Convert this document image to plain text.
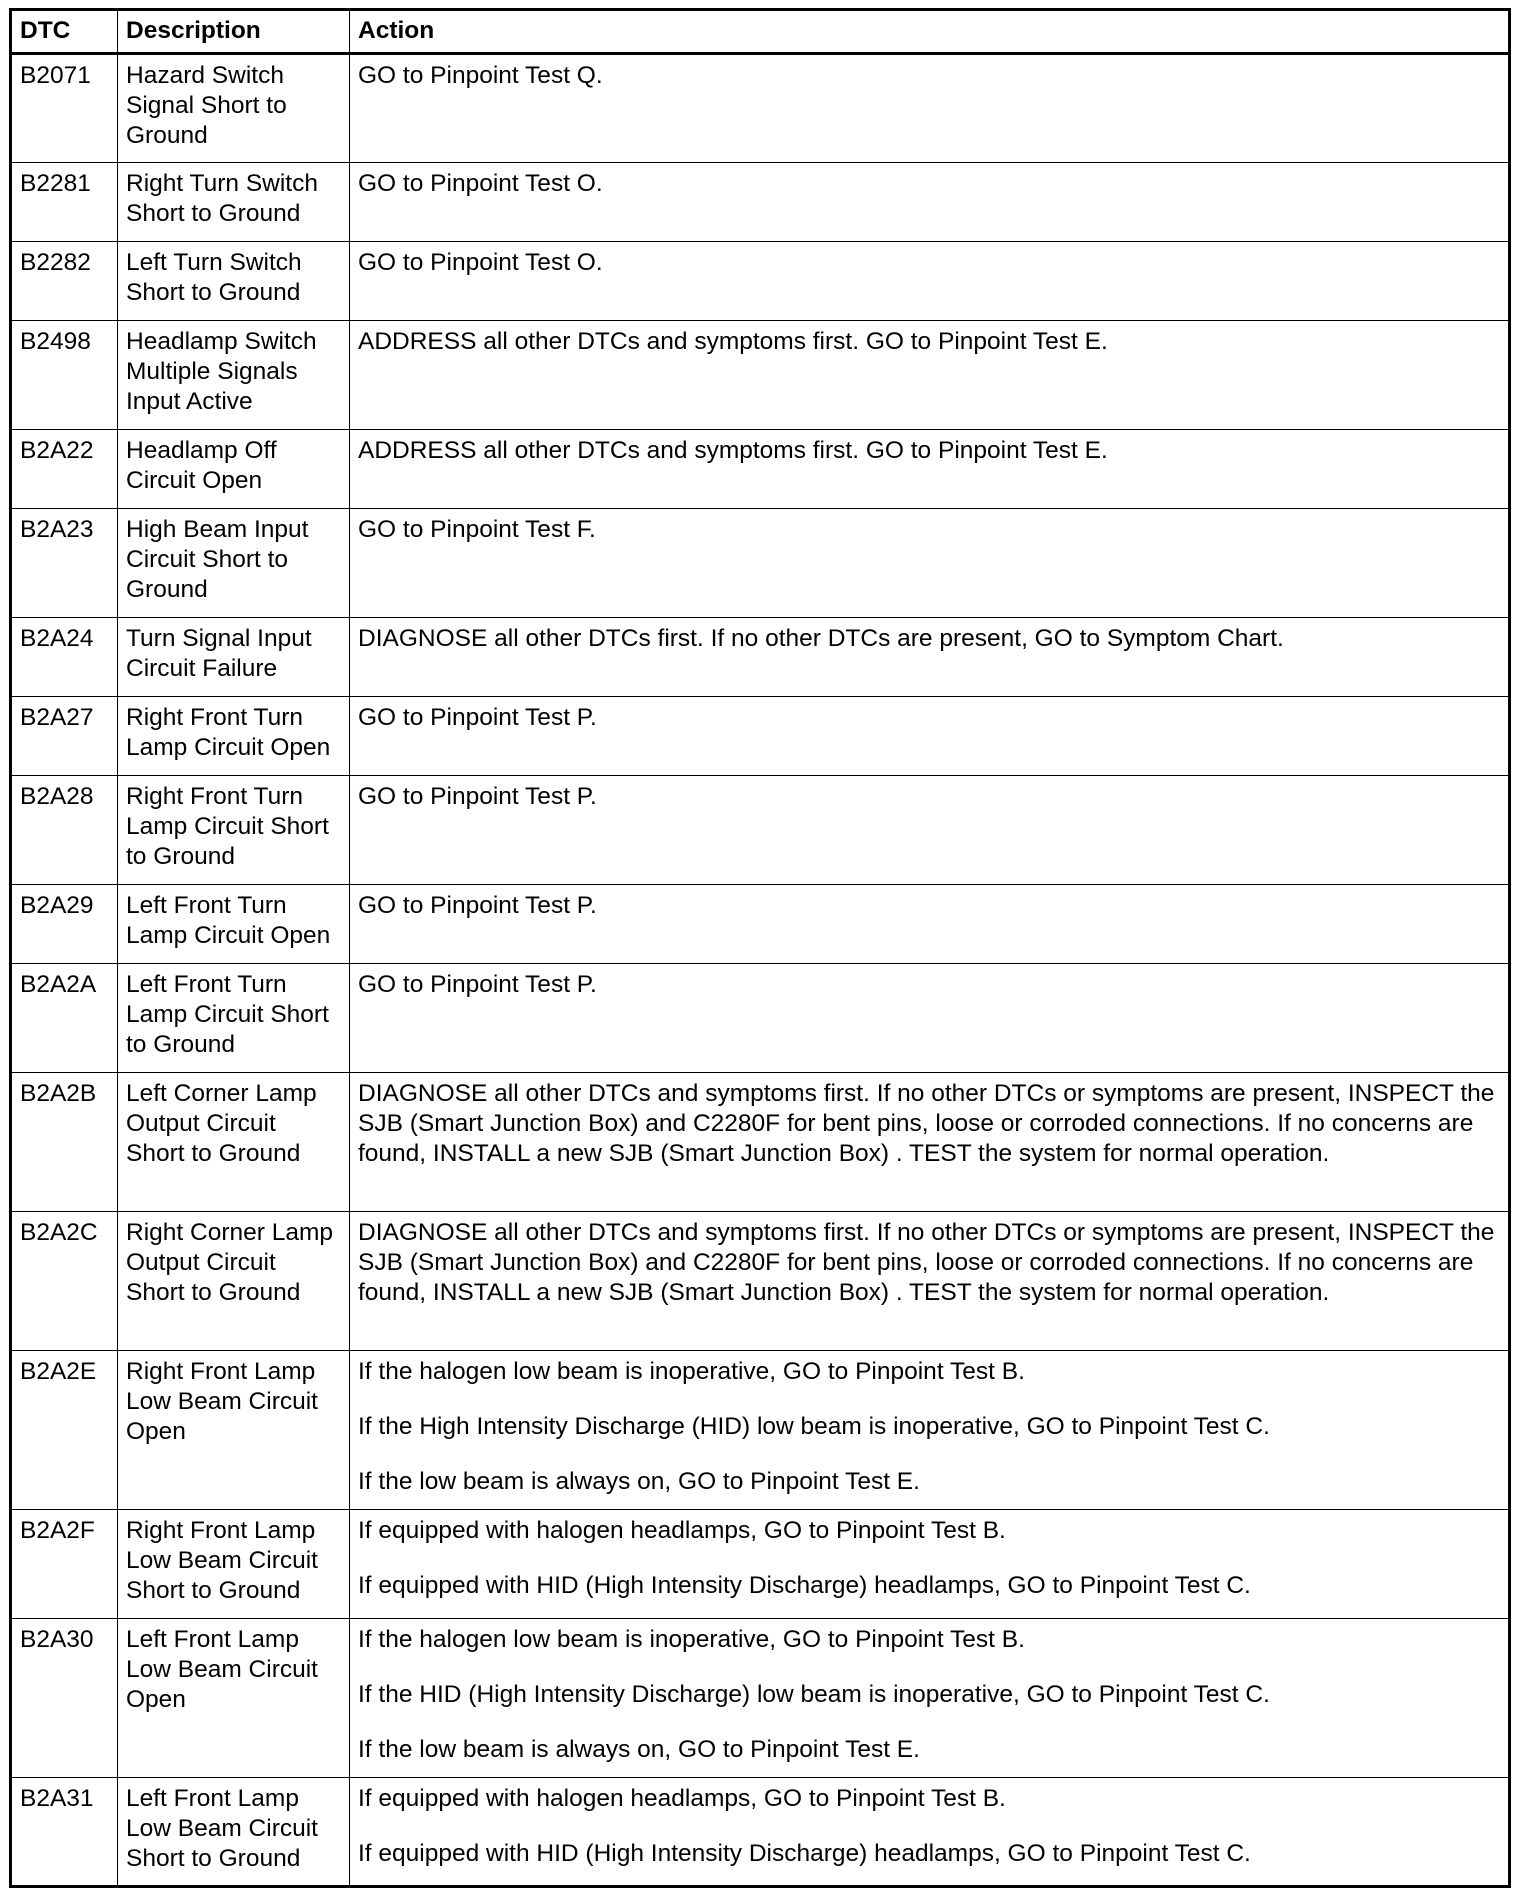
DTC	Description	Action
B2071	Hazard Switch Signal Short to Ground	GO to Pinpoint Test Q.

B2281	Right Turn Switch Short to Ground	GO to Pinpoint Test O.

B2282	Left Turn Switch Short to Ground	GO to Pinpoint Test O.

B2498	Headlamp Switch Multiple Signals Input Active	ADDRESS all other DTCs and symptoms first. GO to Pinpoint Test E.

B2A22	Headlamp Off Circuit Open	ADDRESS all other DTCs and symptoms first. GO to Pinpoint Test E.

B2A23	High Beam Input Circuit Short to Ground	GO to Pinpoint Test F.

B2A24	Turn Signal Input Circuit Failure	DIAGNOSE all other DTCs first. If no other DTCs are present, GO to Symptom Chart.

B2A27	Right Front Turn Lamp Circuit Open	GO to Pinpoint Test P.

B2A28	Right Front Turn Lamp Circuit Short to Ground	GO to Pinpoint Test P.

B2A29	Left Front Turn Lamp Circuit Open	GO to Pinpoint Test P.

B2A2A	Left Front Turn Lamp Circuit Short to Ground	GO to Pinpoint Test P.

B2A2B	Left Corner Lamp Output Circuit Short to Ground	DIAGNOSE all other DTCs and symptoms first. If no other DTCs or symptoms are present, INSPECT the SJB (Smart Junction Box) and C2280F for bent pins, loose or corroded connections. If no concerns are found, INSTALL a new SJB (Smart Junction Box) . TEST the system for normal operation.

B2A2C	Right Corner Lamp Output Circuit Short to Ground	DIAGNOSE all other DTCs and symptoms first. If no other DTCs or symptoms are present, INSPECT the SJB (Smart Junction Box) and C2280F for bent pins, loose or corroded connections. If no concerns are found, INSTALL a new SJB (Smart Junction Box) . TEST the system for normal operation.

B2A2E	Right Front Lamp Low Beam Circuit Open	If the halogen low beam is inoperative, GO to Pinpoint Test B.

If the High Intensity Discharge (HID) low beam is inoperative, GO to Pinpoint Test C.

If the low beam is always on, GO to Pinpoint Test E.

B2A2F	Right Front Lamp Low Beam Circuit Short to Ground	If equipped with halogen headlamps, GO to Pinpoint Test B.

If equipped with HID (High Intensity Discharge) headlamps, GO to Pinpoint Test C.

B2A30	Left Front Lamp Low Beam Circuit Open	If the halogen low beam is inoperative, GO to Pinpoint Test B.

If the HID (High Intensity Discharge) low beam is inoperative, GO to Pinpoint Test C.

If the low beam is always on, GO to Pinpoint Test E.

B2A31	Left Front Lamp Low Beam Circuit Short to Ground	If equipped with halogen headlamps, GO to Pinpoint Test B.

If equipped with HID (High Intensity Discharge) headlamps, GO to Pinpoint Test C.
